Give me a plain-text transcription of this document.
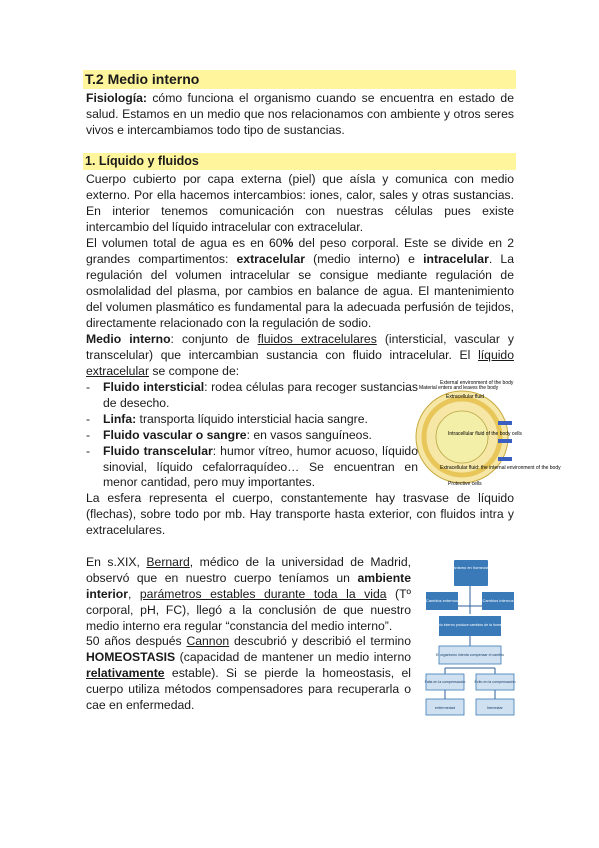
T.2 Medio interno

Fisiología: cómo funciona el organismo cuando se encuentra en estado de salud. Estamos en un medio que nos relacionamos con ambiente y otros seres vivos e intercambiamos todo tipo de sustancias.

1. Líquido y fluidos

Cuerpo cubierto por capa externa (piel) que aísla y comunica con medio externo. Por ella hacemos intercambios: iones, calor, sales y otras sustancias. En interior tenemos comunicación con nuestras células pues existe intercambio del líquido intracelular con extracelular.

El volumen total de agua es en 60% del peso corporal. Este se divide en 2 grandes compartimentos: extracelular (medio interno) e intracelular. La regulación del volumen intracelular se consigue mediante regulación de osmolalidad del plasma, por cambios en balance de agua. El mantenimiento del volumen plasmático es fundamental para la adecuada perfusión de tejidos, directamente relacionado con la regulación de sodio.

Medio interno: conjunto de fluidos extracelulares (intersticial, vascular y transcelular) que intercambian sustancia con fluido intracelular. El líquido extracelular se compone de:

- Fluido intersticial: rodea células para recoger sustancias de desecho.
- Linfa: transporta líquido intersticial hacia sangre.
- Fluido vascular o sangre: en vasos sanguíneos.
- Fluido transcelular: humor vítreo, humor acuoso, líquido sinovial, líquido cefalorraquídeo… Se encuentran en menor cantidad, pero muy importantes.

La esfera representa el cuerpo, constantemente hay trasvase de líquido (flechas), sobre todo por mb. Hay transporte hasta exterior, con fluidos intra y extracelulares.

En s.XIX, Bernard, médico de la universidad de Madrid, observó que en nuestro cuerpo teníamos un ambiente interior, parámetros estables durante toda la vida (Tº corporal, pH, FC), llegó a la conclusión de que nuestro medio interno era regular “constancia del medio interno”.

50 años después Cannon descubrió y describió el termino HOMEOSTASIS (capacidad de mantener un medio interno relativamente estable). Si se pierde la homeostasis, el cuerpo utiliza métodos compensadores para recuperarla o cae en enfermedad.

External environment of the body
Material enters and leaves the body
Extracellular fluid
Intracellular fluid of the body cells
Extracellular fluid: the internal environment of the body
Protective cells
Organismo en homeostasis
Cambios externos	Cambios internos
El cambio interno produce cambios de la homeostasis
El organismo intenta compensar el cambio
Falla en la compensación	Éxito en la compensación
enfermedad	bienestar
